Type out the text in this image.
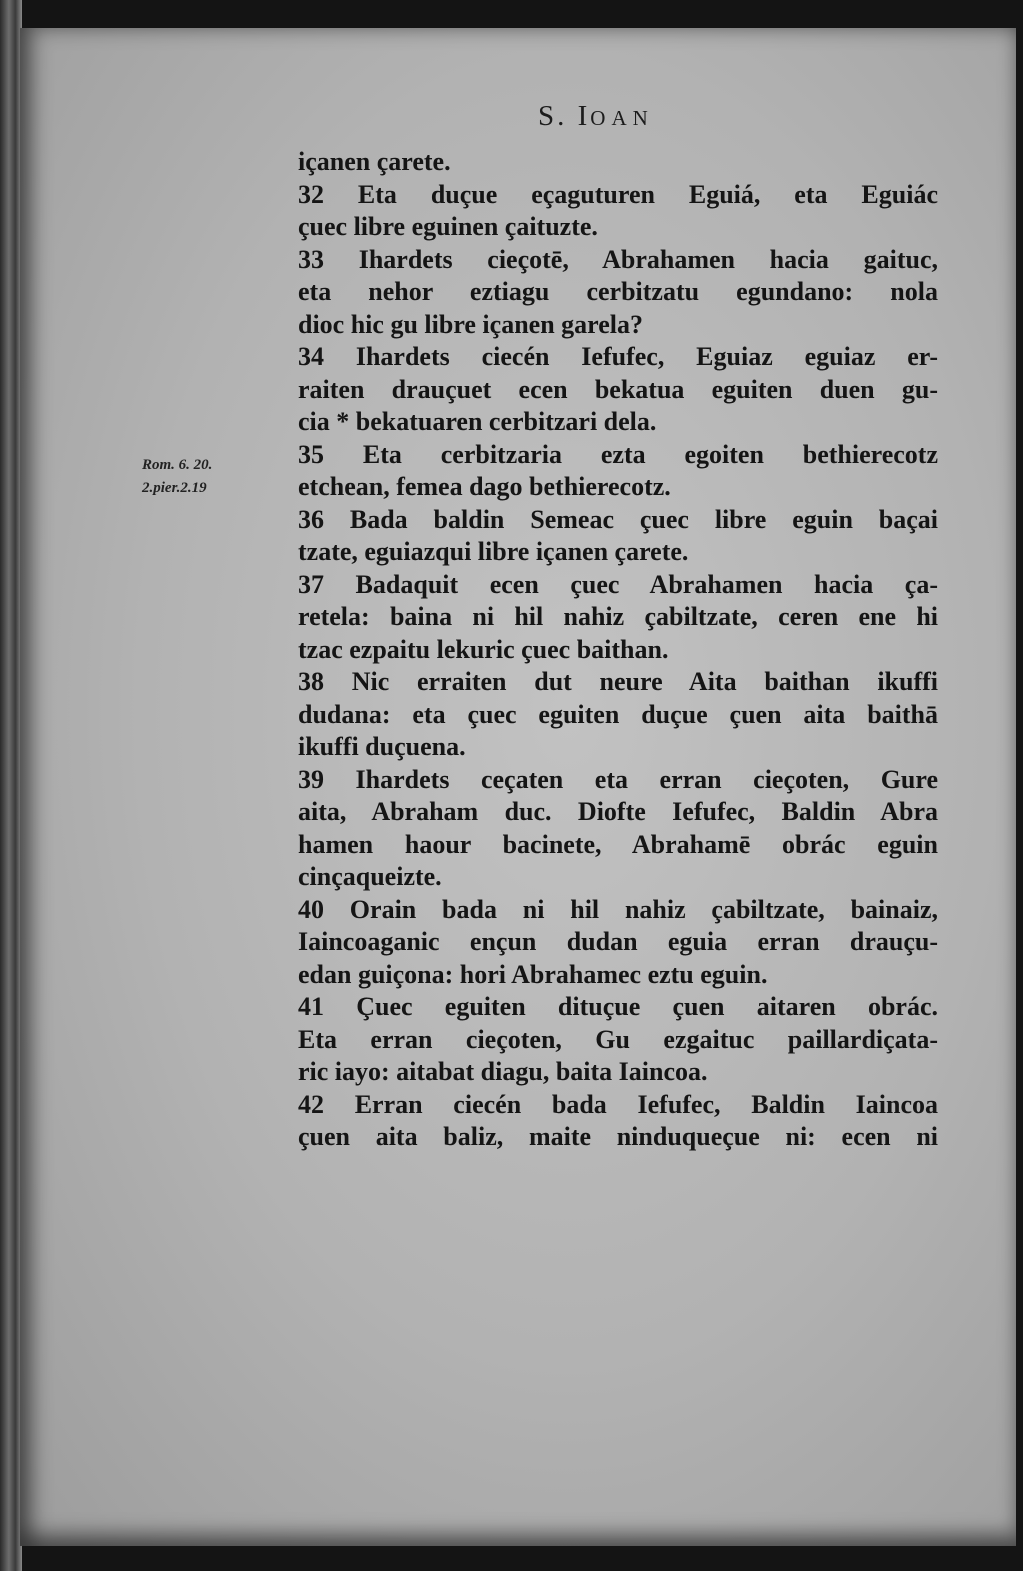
S. IOAN
Rom. 6. 20.
2.pier.2.19
içanen çarete.
32 Eta duçue eçaguturen Eguiá, eta Eguiác
çuec libre eguinen çaituzte.
33 Ihardets cieçotē, Abrahamen hacia gaituc,
eta nehor eztiagu cerbitzatu egundano: nola
dioc hic gu libre içanen garela?
34 Ihardets ciecén Iefufec, Eguiaz eguiaz er-
raiten drauçuet ecen bekatua eguiten duen gu-
cia * bekatuaren cerbitzari dela.
35 Eta cerbitzaria ezta egoiten bethierecotz
etchean, femea dago bethierecotz.
36 Bada baldin Semeac çuec libre eguin baçai
tzate, eguiazqui libre içanen çarete.
37 Badaquit ecen çuec Abrahamen hacia ça-
retela: baina ni hil nahiz çabiltzate, ceren ene hi
tzac ezpaitu lekuric çuec baithan.
38 Nic erraiten dut neure Aita baithan ikuffi
dudana: eta çuec eguiten duçue çuen aita baithā
ikuffi duçuena.
39 Ihardets ceçaten eta erran cieçoten, Gure
aita, Abraham duc. Diofte Iefufec, Baldin Abra
hamen haour bacinete, Abrahamē obrác eguin
cinçaqueizte.
40 Orain bada ni hil nahiz çabiltzate, bainaiz,
Iaincoaganic ençun dudan eguia erran drauçu-
edan guiçona: hori Abrahamec eztu eguin.
41 Çuec eguiten dituçue çuen aitaren obrác.
Eta erran cieçoten, Gu ezgaituc paillardiçata-
ric iayo: aitabat diagu, baita Iaincoa.
42 Erran ciecén bada Iefufec, Baldin Iaincoa
çuen aita baliz, maite ninduqueçue ni: ecen ni
